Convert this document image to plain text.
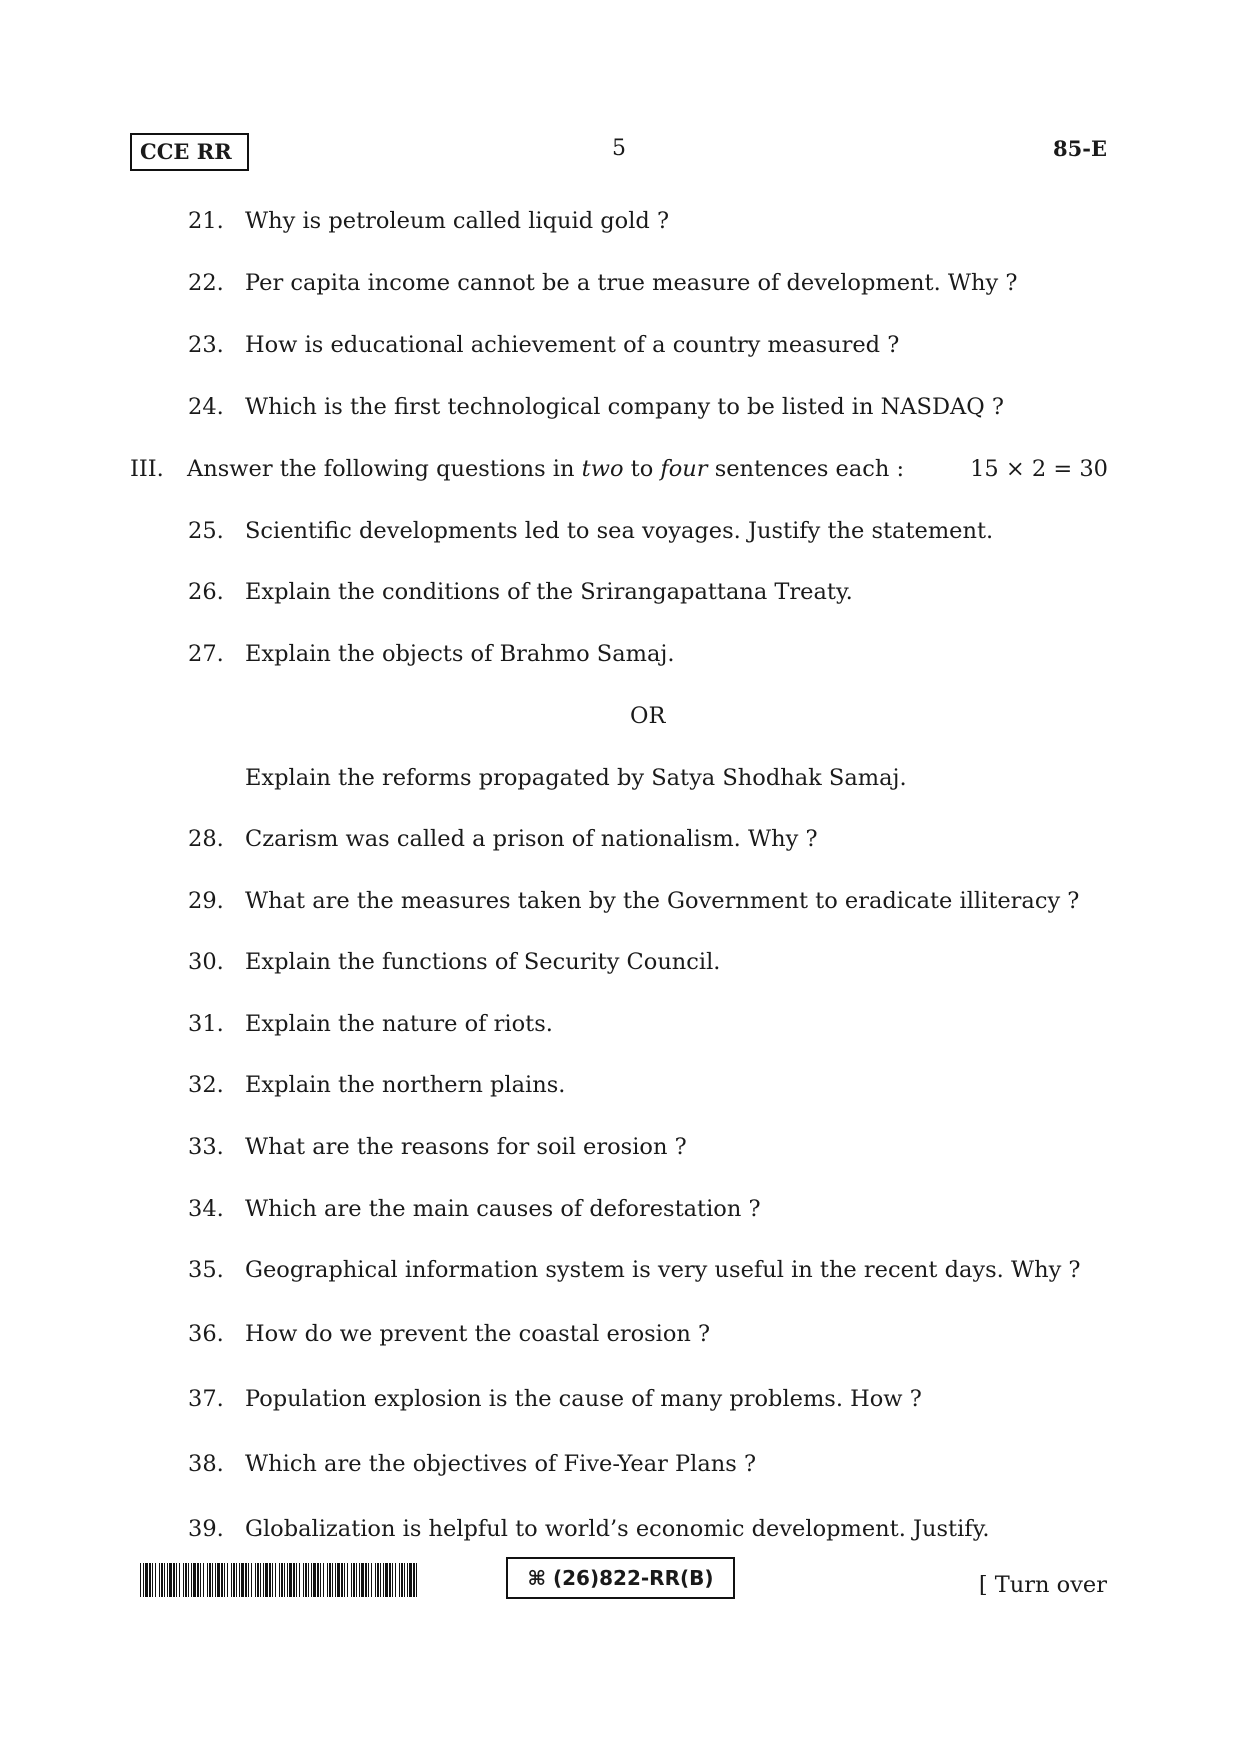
CCE RR	5	85-E
21. Why is petroleum called liquid gold ?
22. Per capita income cannot be a true measure of development. Why ?
23. How is educational achievement of a country measured ?
24. Which is the first technological company to be listed in NASDAQ ?
III. Answer the following questions in two to four sentences each :	15 × 2 = 30
25. Scientific developments led to sea voyages. Justify the statement.
26. Explain the conditions of the Srirangapattana Treaty.
27. Explain the objects of Brahmo Samaj.
OR
Explain the reforms propagated by Satya Shodhak Samaj.
28. Czarism was called a prison of nationalism. Why ?
29. What are the measures taken by the Government to eradicate illiteracy ?
30. Explain the functions of Security Council.
31. Explain the nature of riots.
32. Explain the northern plains.
33. What are the reasons for soil erosion ?
34. Which are the main causes of deforestation ?
35. Geographical information system is very useful in the recent days. Why ?
36. How do we prevent the coastal erosion ?
37. Population explosion is the cause of many problems. How ?
38. Which are the objectives of Five-Year Plans ?
39. Globalization is helpful to world’s economic development. Justify.
⌘ (26)822-RR(B)	[ Turn over
